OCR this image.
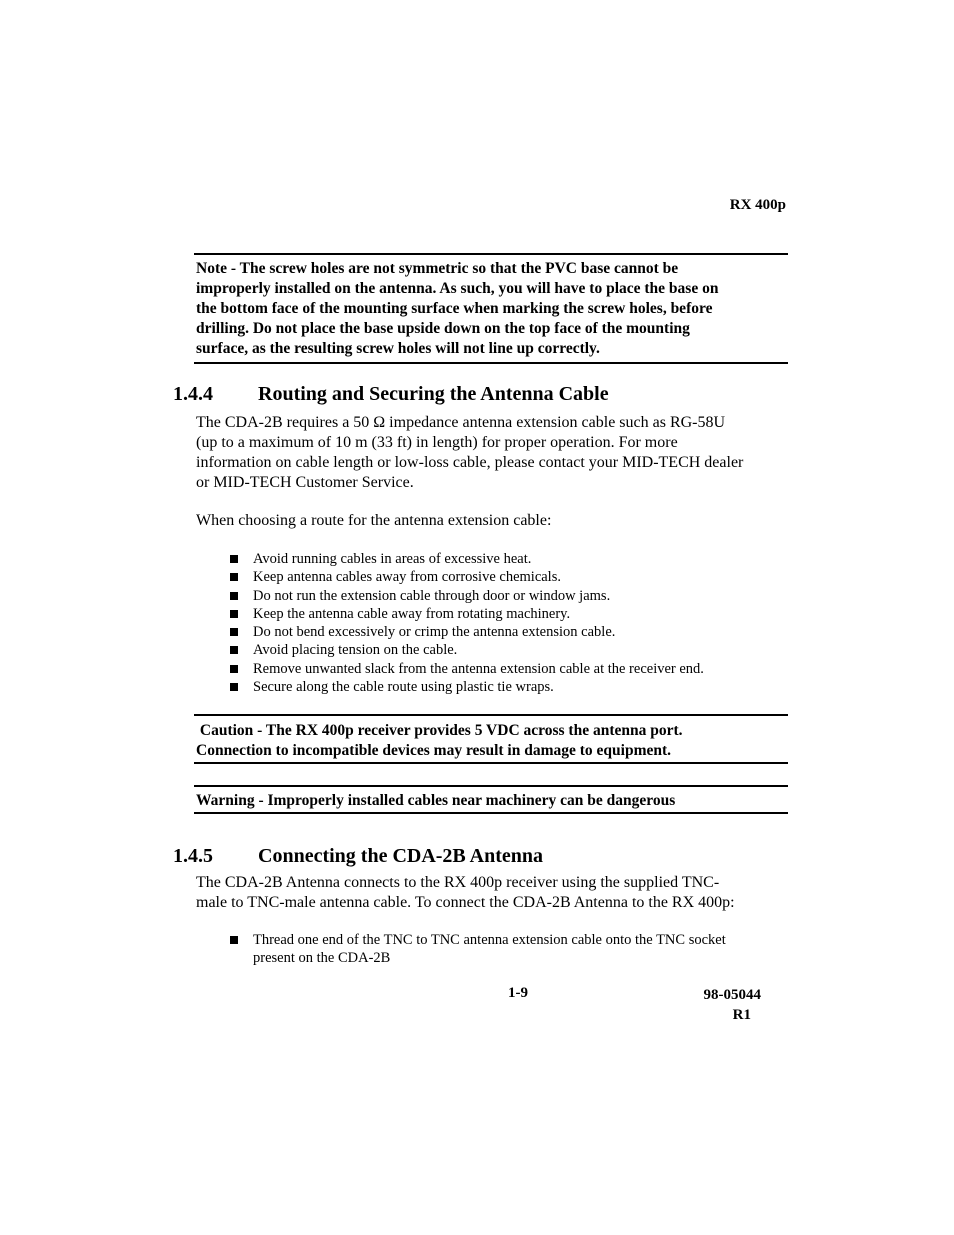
RX 400p

Note - The screw holes are not symmetric so that the PVC base cannot be

improperly installed on the antenna. As such, you will have to place the base on

the bottom face of the mounting surface when marking the screw holes, before

drilling. Do not place the base upside down on the top face of the mounting

surface, as the resulting screw holes will not line up correctly.

1.4.4 Routing and Securing the Antenna Cable
The CDA-2B requires a 50 Ω impedance antenna extension cable such as RG-58U
(up to a maximum of 10 m (33 ft) in length) for proper operation. For more
information on cable length or low-loss cable, please contact your MID-TECH dealer
or MID-TECH Customer Service.
When choosing a route for the antenna extension cable:
Avoid running cables in areas of excessive heat.
Keep antenna cables away from corrosive chemicals.
Do not run the extension cable through door or window jams.
Keep the antenna cable away from rotating machinery.
Do not bend excessively or crimp the antenna extension cable.
Avoid placing tension on the cable.
Remove unwanted slack from the antenna extension cable at the receiver end.
Secure along the cable route using plastic tie wraps.

Caution - The RX 400p receiver provides 5 VDC across the antenna port.

Connection to incompatible devices may result in damage to equipment.

Warning - Improperly installed cables near machinery can be dangerous

1.4.5 Connecting the CDA-2B Antenna
The CDA-2B Antenna connects to the RX 400p receiver using the supplied TNC-
male to TNC-male antenna cable. To connect the CDA-2B Antenna to the RX 400p:
Thread one end of the TNC to TNC antenna extension cable onto the TNC socket
present on the CDA-2B
1-9	98-05044
R1
